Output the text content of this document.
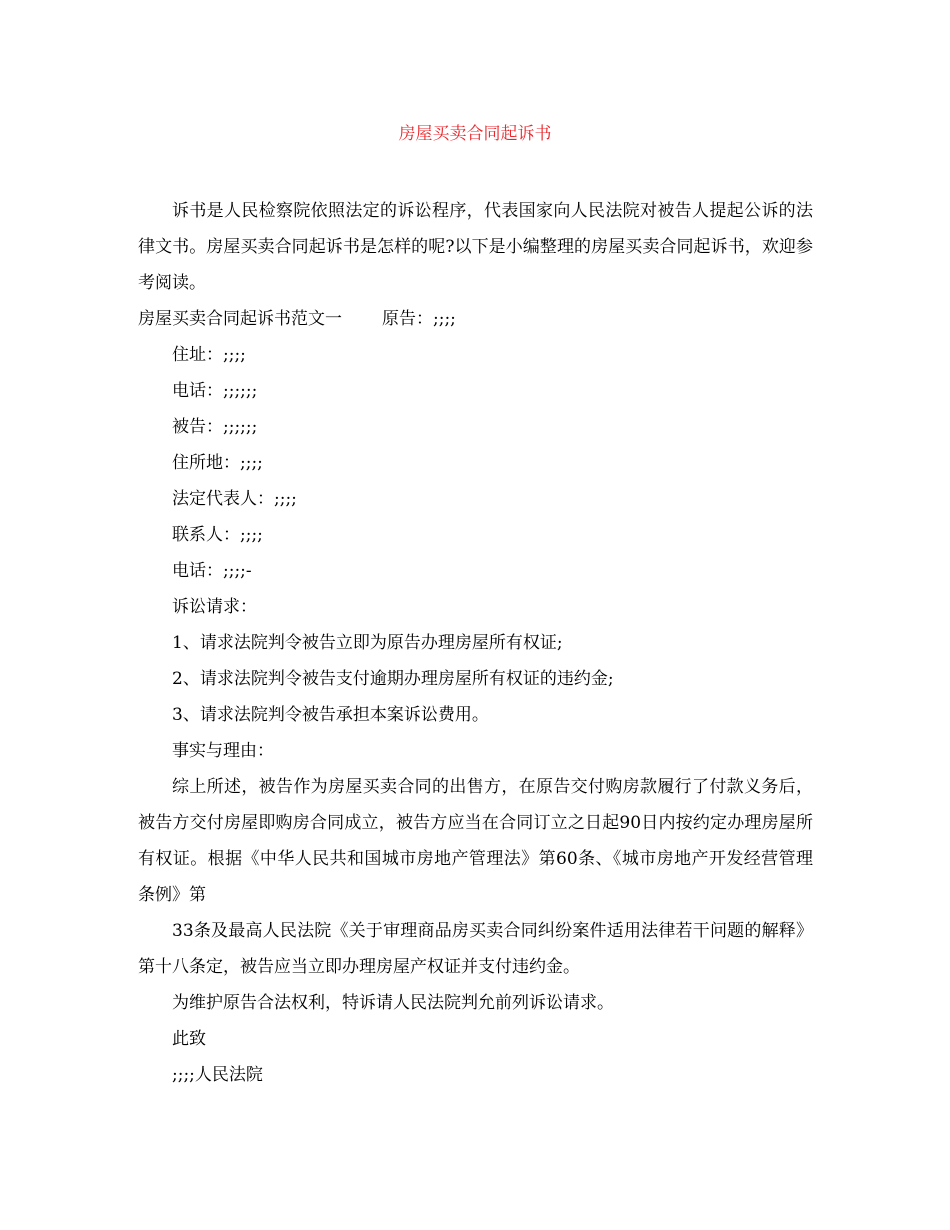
房屋买卖合同起诉书

诉书是人民检察院依照法定的诉讼程序，代表国家向人民法院对被告人提起公诉的法律文书。房屋买卖合同起诉书是怎样的呢?以下是小编整理的房屋买卖合同起诉书，欢迎参考阅读。

房屋买卖合同起诉书范文一 原告：;;;;

住址：;;;;

电话：;;;;;;

被告：;;;;;;

住所地：;;;;

法定代表人：;;;;

联系人：;;;;

电话：;;;;-

诉讼请求：

1、请求法院判令被告立即为原告办理房屋所有权证;

2、请求法院判令被告支付逾期办理房屋所有权证的违约金;

3、请求法院判令被告承担本案诉讼费用。

事实与理由：

综上所述，被告作为房屋买卖合同的出售方，在原告交付购房款履行了付款义务后，被告方交付房屋即购房合同成立，被告方应当在合同订立之日起90日内按约定办理房屋所有权证。根据《中华人民共和国城市房地产管理法》第60条、《城市房地产开发经营管理条例》第

33条及最高人民法院《关于审理商品房买卖合同纠纷案件适用法律若干问题的解释》第十八条定，被告应当立即办理房屋产权证并支付违约金。

为维护原告合法权利，特诉请人民法院判允前列诉讼请求。

此致

;;;;人民法院
